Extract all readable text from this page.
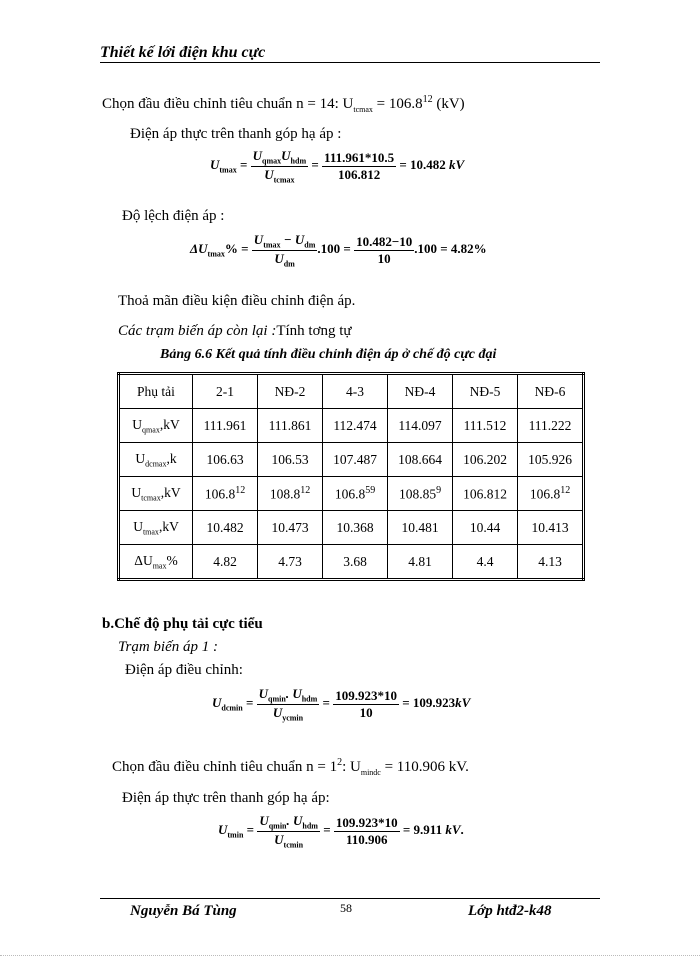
Thiết kế lới điện khu cực
Chọn đầu điều chỉnh tiêu chuẩn n = 14: $U_{tcmax} = 106.8^{12}$ (kV)
Điện áp thực trên thanh góp hạ áp :
$U_{tmax} = \frac{U_{qmax}U_{hdm}}{U_{tcmax}} = \frac{111.961*10.5}{106.812} = 10.482$ kV
Độ lệch điện áp :
$\Delta U_{tmax}\% = \frac{U_{tmax} - U_{dm}}{U_{dm}} .100 = \frac{10.482-10}{10} .100 = 4.82\%$
Thoả mãn điều kiện điều chỉnh điện áp.
Các trạm biến áp còn lại :Tính tơng tự
Bảng 6.6 Kết quả tính điều chỉnh điện áp ở chế độ cực đại
Phụ tải	2-1	NĐ-2	4-3	NĐ-4	NĐ-5	NĐ-6
$U_{qmax},kV$	111.961	111.861	112.474	114.097	111.512	111.222
$U_{dcmax},k$	106.63	106.53	107.487	108.664	106.202	105.926
$U_{tcmax},kV$	106.8$^{12}$	108.8$^{12}$	106.8$^{59}$	108.85$^9$	106.812	106.8$^{12}$
$U_{tmax},kV$	10.482	10.473	10.368	10.481	10.44	10.413
$\Delta U_{max}\%$	4.82	4.73	3.68	4.81	4.4	4.13
b.Chế độ phụ tải cực tiểu
Trạm biến áp 1 :
Điện áp điều chỉnh:
$U_{dcmin} = \frac{U_{qmin}. U_{hdm}}{U_{ycmin}} = \frac{109.923*10}{10} = 109.923kV$
Chọn đầu điều chỉnh tiêu chuẩn $n = 1^2$: $U_{mindc} = 110.906$ kV.
Điện áp thực trên thanh góp hạ áp:
$U_{tmin} = \frac{U_{qmin}. U_{hdm}}{U_{tcmin}} = \frac{109.923*10}{110.906} = 9.911$ kV.
Nguyễn Bá Tùng	58	Lớp htđ2-k48
